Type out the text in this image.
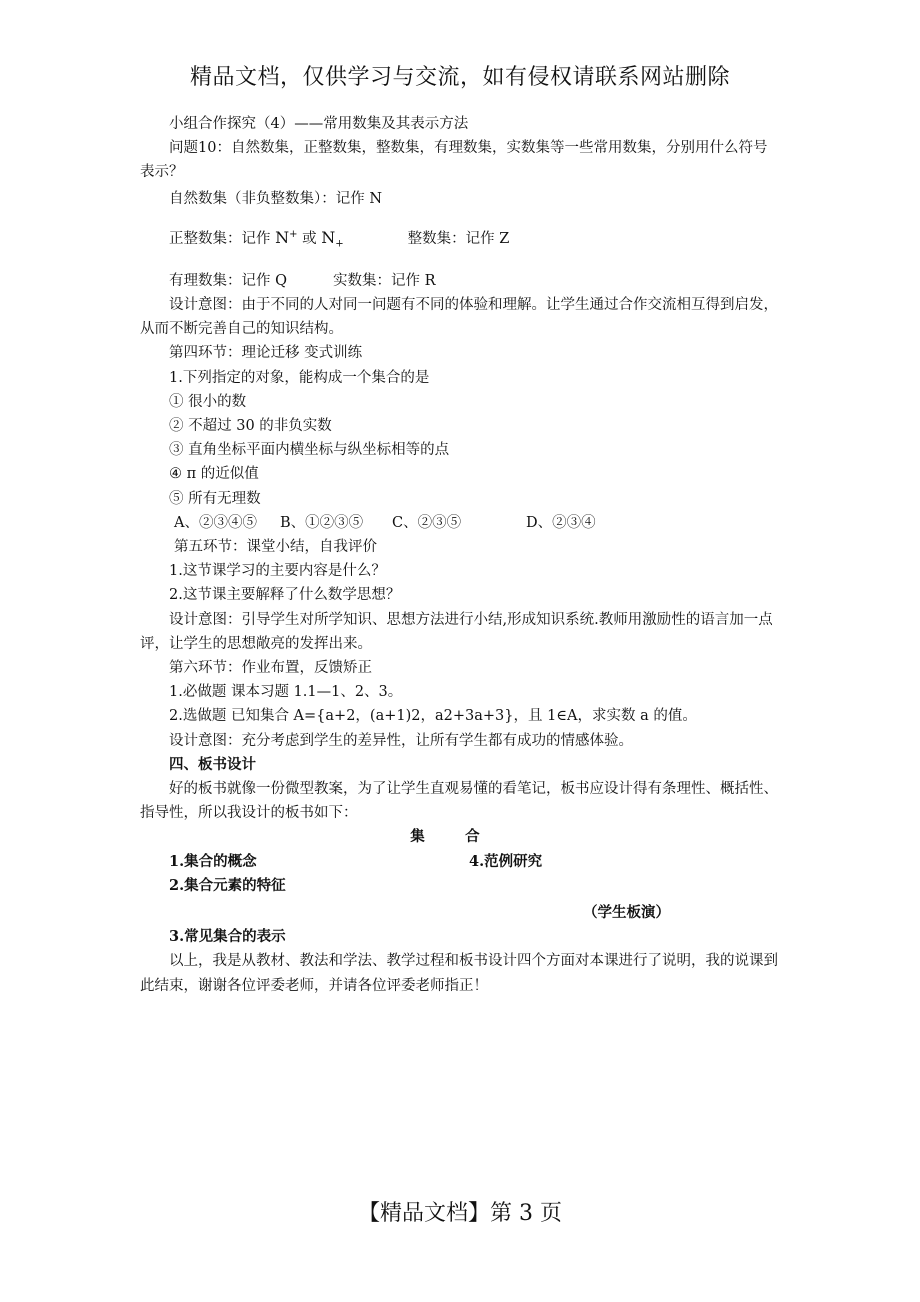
精品文档，仅供学习与交流，如有侵权请联系网站删除

小组合作探究（4）——常用数集及其表示方法

问题10：自然数集，正整数集，整数集，有理数集，实数集等一些常用数集，分别用什么符号表示？

自然数集（非负整数集）：记作 N

正整数集：记作 N+ 或 $N_+$	整数集：记作 Z

有理数集：记作 Q	实数集：记作 R

设计意图：由于不同的人对同一问题有不同的体验和理解。让学生通过合作交流相互得到启发，从而不断完善自己的知识结构。

第四环节：理论迁移 变式训练

1.下列指定的对象，能构成一个集合的是

① 很小的数

② 不超过 30 的非负实数

③ 直角坐标平面内横坐标与纵坐标相等的点

④ π 的近似值

⑤ 所有无理数

A、②③④⑤ B、①②③⑤ C、②③⑤	D、②③④

第五环节：课堂小结，自我评价

1.这节课学习的主要内容是什么？

2.这节课主要解释了什么数学思想？

设计意图：引导学生对所学知识、思想方法进行小结,形成知识系统.教师用激励性的语言加一点评，让学生的思想敞亮的发挥出来。

第六环节：作业布置，反馈矫正

1.必做题 课本习题 1.1—1、2、3。

2.选做题 已知集合 A={a+2，(a+1)2，a2+3a+3}，且 1∈A，求实数 a 的值。

设计意图：充分考虑到学生的差异性，让所有学生都有成功的情感体验。

四、板书设计

好的板书就像一份微型教案，为了让学生直观易懂的看笔记，板书应设计得有条理性、概括性、指导性，所以我设计的板书如下：

集        合

1.集合的概念	4.范例研究
2.集合元素的特征

（学生板演）

3.常见集合的表示

以上，我是从教材、教法和学法、教学过程和板书设计四个方面对本课进行了说明，我的说课到此结束，谢谢各位评委老师，并请各位评委老师指正！

【精品文档】第 3 页
